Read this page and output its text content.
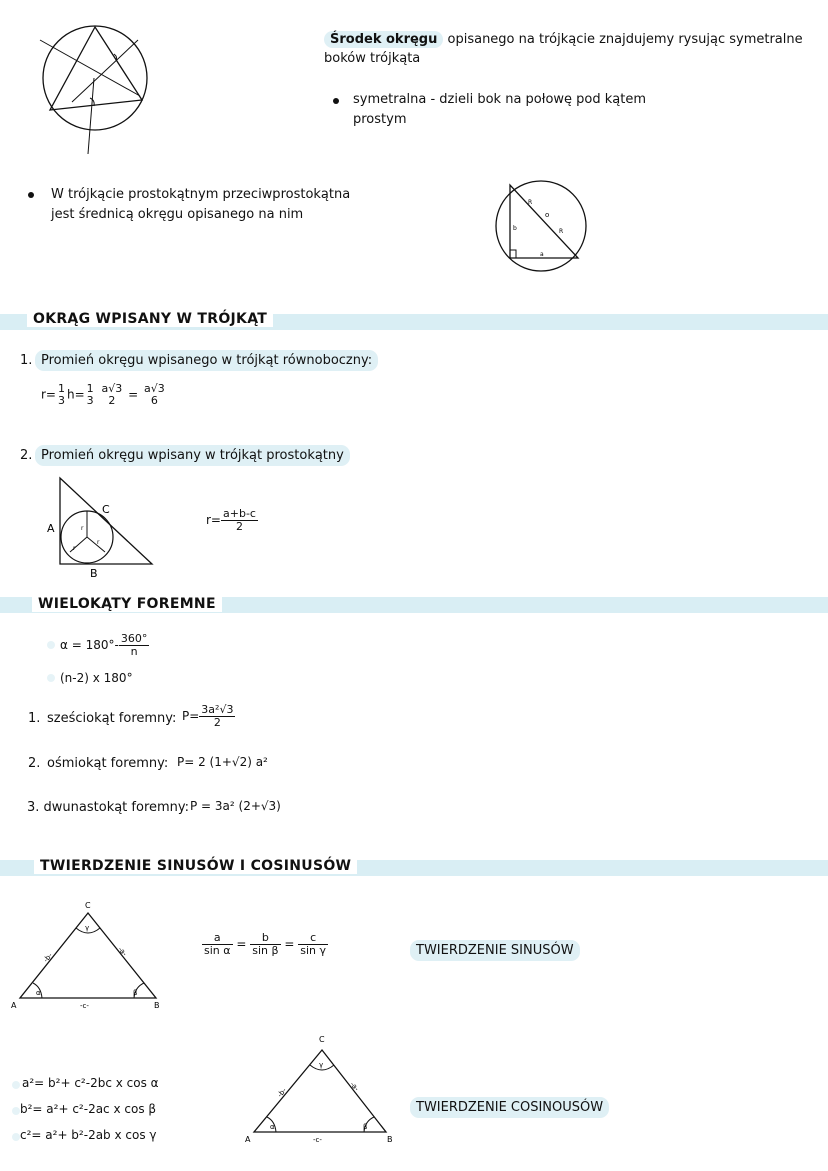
Środek okręgu opisanego na trójkącie znajdujemy rysując symetralne
boków trójkąta
symetralna - dzieli bok na połowę pod kątem
prostym
W trójkącie prostokątnym przeciwprostokątna
jest średnicą okręgu opisanego na nim
R
o
R
b
a
OKRĄG WPISANY W TRÓJKĄT
1. Promień okręgu wpisanego w trójkąt równoboczny:
r= 1
3 h= 1
3

a√3
2	= a√3
6
2. Promień okręgu wpisany w trójkąt prostokątny
C
A
B
r
r
r
$r= \frac{a+b-c}{2}$
WIELOKĄTY FOREMNE
$\alpha = 180^\circ- \frac{360^\circ}{n}$
(n-2) x 180°
1. sześciokąt foremny: $P= \frac{\text{3a²√3}}{2}$
2. ośmiokąt foremny: P= 2 (1+√2) a²
3. dwunastokąt foremny: P = 3a² (2+√3)
TWIERDZENIE SINUSÓW I COSINUSÓW
C
A	B
-b-	-a-
-c-
γ
α	β
$\frac{a}{\text{sin α}} = \frac{b}{\text{sin β}} = \frac{c}{\text{sin γ}}$	TWIERDZENIE SINUSÓW
a²= b²+ c²-2bc x cos α
b²= a²+ c²-2ac x cos β
c²= a²+ b²-2ab x cos γ
C
A	B
-b-	-a-
-c-
γ
α	β
TWIERDZENIE COSINOUSÓW
